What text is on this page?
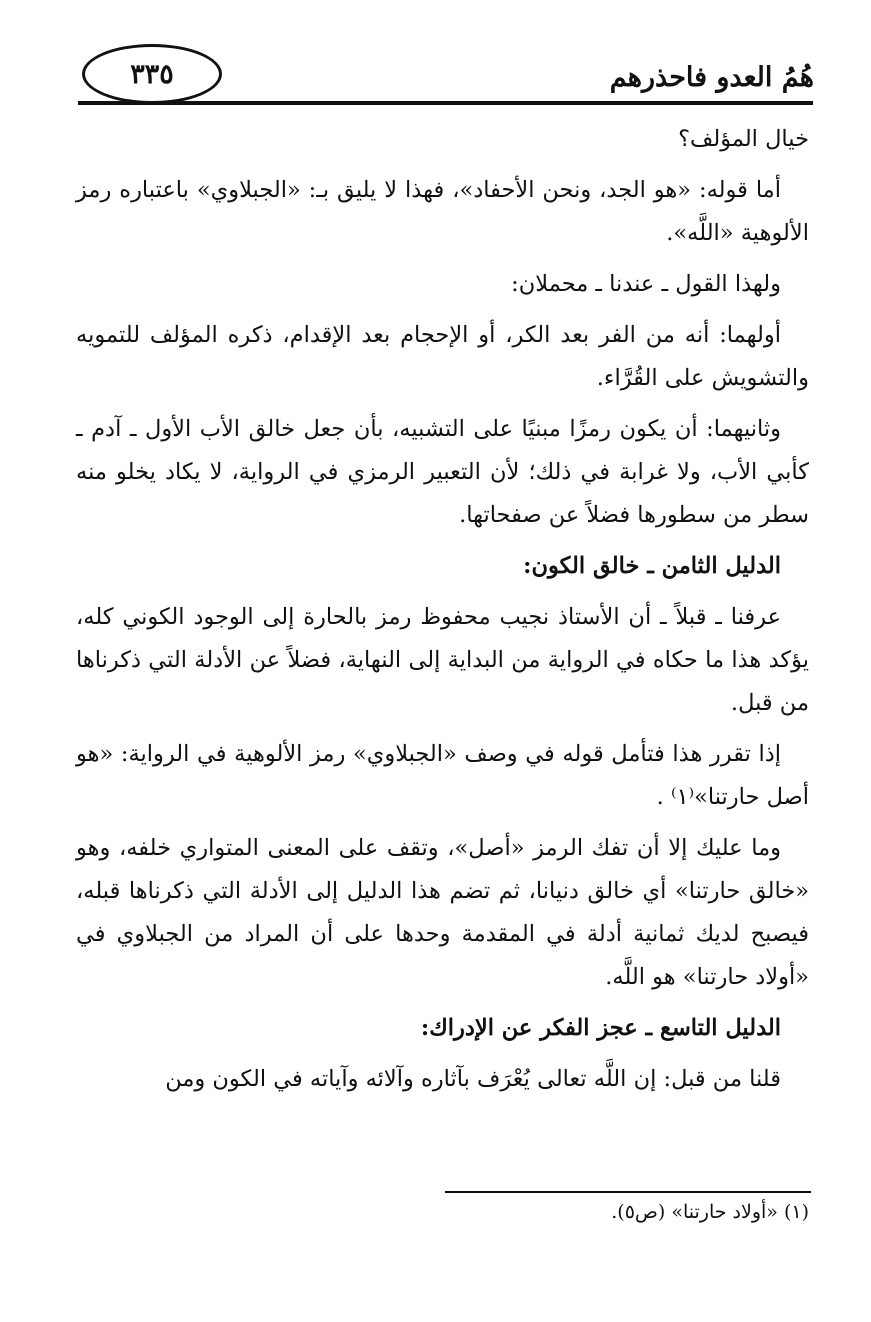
هُمُ العدو فاحذرهم
٣٣٥

خيال المؤلف؟

أما قوله: «هو الجد، ونحن الأحفاد»، فهذا لا يليق بـ: «الجبلاوي» باعتباره رمز الألوهية «اللَّه».

ولهذا القول ـ عندنا ـ محملان:

أولهما: أنه من الفر بعد الكر، أو الإحجام بعد الإقدام، ذكره المؤلف للتمويه والتشويش على القُرَّاء.

وثانيهما: أن يكون رمزًا مبنيًا على التشبيه، بأن جعل خالق الأب الأول ـ آدم ـ كأبي الأب، ولا غرابة في ذلك؛ لأن التعبير الرمزي في الرواية، لا يكاد يخلو منه سطر من سطورها فضلاً عن صفحاتها.

الدليل الثامن ـ خالق الكون:

عرفنا ـ قبلاً ـ أن الأستاذ نجيب محفوظ رمز بالحارة إلى الوجود الكوني كله، يؤكد هذا ما حكاه في الرواية من البداية إلى النهاية، فضلاً عن الأدلة التي ذكرناها من قبل.

إذا تقرر هذا فتأمل قوله في وصف «الجبلاوي» رمز الألوهية في الرواية: «هو أصل حارتنا»⁽١⁾ .

وما عليك إلا أن تفك الرمز «أصل»، وتقف على المعنى المتواري خلفه، وهو «خالق حارتنا» أي خالق دنيانا، ثم تضم هذا الدليل إلى الأدلة التي ذكرناها قبله، فيصبح لديك ثمانية أدلة في المقدمة وحدها على أن المراد من الجبلاوي في «أولاد حارتنا» هو اللَّه.

الدليل التاسع ـ عجز الفكر عن الإدراك:

قلنا من قبل: إن اللَّه تعالى يُعْرَف بآثاره وآلائه وآياته في الكون ومن

(١) «أولاد حارتنا» (ص٥).
